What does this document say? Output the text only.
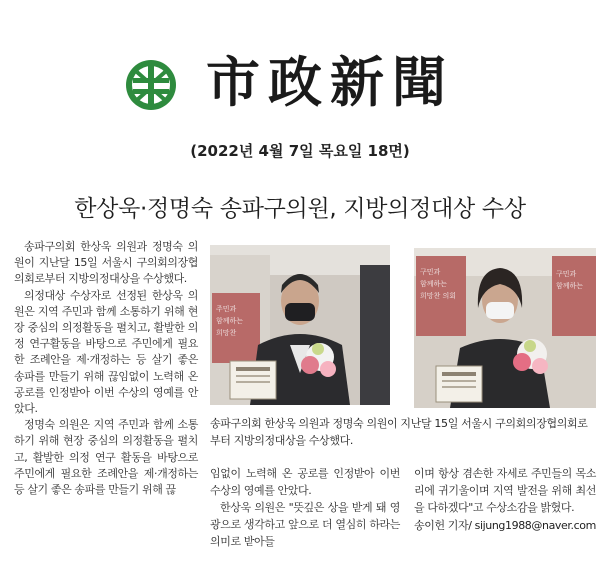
市政新聞
(2022년 4월 7일 목요일 18면)
한상욱·정명숙 송파구의원, 지방의정대상 수상

송파구의회 한상욱 의원과 정명숙 의원이 지난달 15일 서울시 구의회의장협의회로부터 지방의정대상을 수상했다.

의정대상 수상자로 선정된 한상욱 의원은 지역 주민과 함께 소통하기 위해 현장 중심의 의정활동을 펼치고, 활발한 의정 연구활동을 바탕으로 주민에게 필요한 조례안을 제·개정하는 등 살기 좋은 송파를 만들기 위해 끊임없이 노력해 온 공로를 인정받아 이번 수상의 영예를 안았다.

정명숙 의원은 지역 주민과 함께 소통하기 위해 현장 중심의 의정활동을 펼치고, 활발한 의정 연구 활동을 바탕으로 주민에게 필요한 조례안을 제·개정하는 등 살기 좋은 송파를 만들기 위해 끊

주민과
함께하는
희망찬
구민과
함께하는
희망찬 의회
구민과
함께하는
송파구의회 한상욱 의원과 정명숙 의원이 지난달 15일 서울시 구의회의장협의회로부터 지방의정대상을 수상했다.

임없이 노력해 온 공로를 인정받아 이번 수상의 영예를 안았다.

한상욱 의원은 "뜻깊은 상을 받게 돼 영광으로 생각하고 앞으로 더 열심히 하라는 의미로 받아들

이며 항상 겸손한 자세로 주민들의 목소리에 귀기울이며 지역 발전을 위해 최선을 다하겠다"고 수상소감을 밝혔다.

송이헌 기자/ sijung1988@naver.com
